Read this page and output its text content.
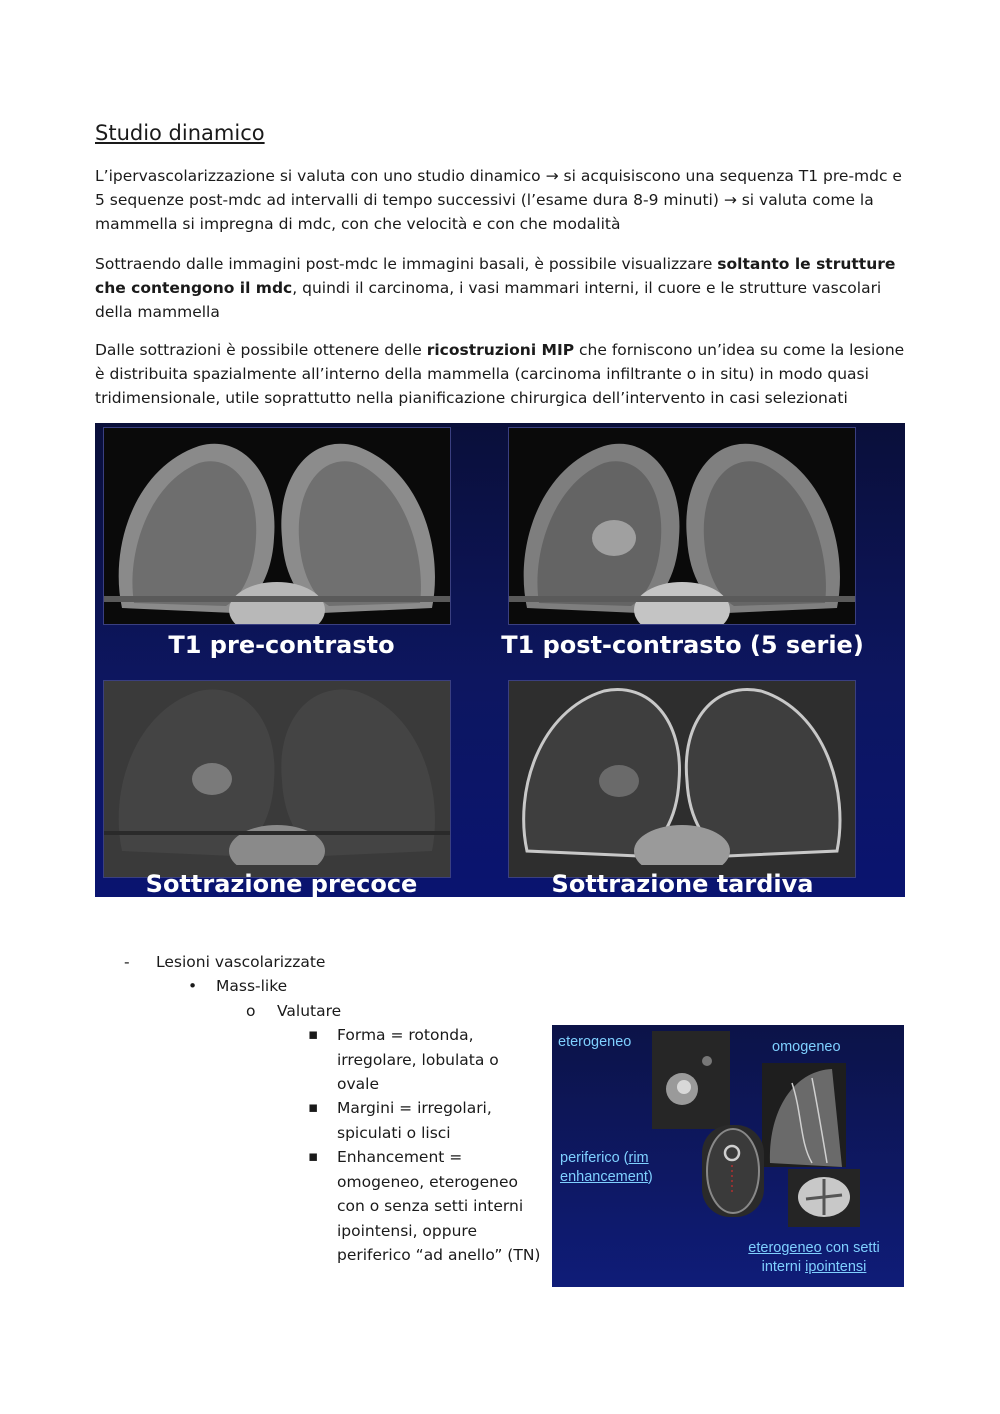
Studio dinamico

L’ipervascolarizzazione si valuta con uno studio dinamico → si acquisiscono una sequenza T1 pre-mdc e 5 sequenze post-mdc ad intervalli di tempo successivi (l’esame dura 8-9 minuti) → si valuta come la mammella si impregna di mdc, con che velocità e con che modalità

Sottraendo dalle immagini post-mdc le immagini basali, è possibile visualizzare soltanto le strutture che contengono il mdc, quindi il carcinoma, i vasi mammari interni, il cuore e le strutture vascolari della mammella

Dalle sottrazioni è possibile ottenere delle ricostruzioni MIP che forniscono un’idea su come la lesione è distribuita spazialmente all’interno della mammella (carcinoma infiltrante o in situ) in modo quasi tridimensionale, utile soprattutto nella pianificazione chirurgica dell’intervento in casi selezionati

T1 pre-contrasto	T1 post-contrasto (5 serie)
Sottrazione precoce	Sottrazione tardiva
- Lesioni vascolarizzate
• Mass-like
o Valutare
▪ Forma = rotonda, irregolare, lobulata o ovale
▪ Margini = irregolari, spiculati o lisci
▪ Enhancement = omogeneo, eterogeneo con o senza setti interni ipointensi, oppure periferico “ad anello” (TN)
eterogeneo	omogeneo
periferico (rim
enhancement)
eterogeneo con setti
interni ipointensi
